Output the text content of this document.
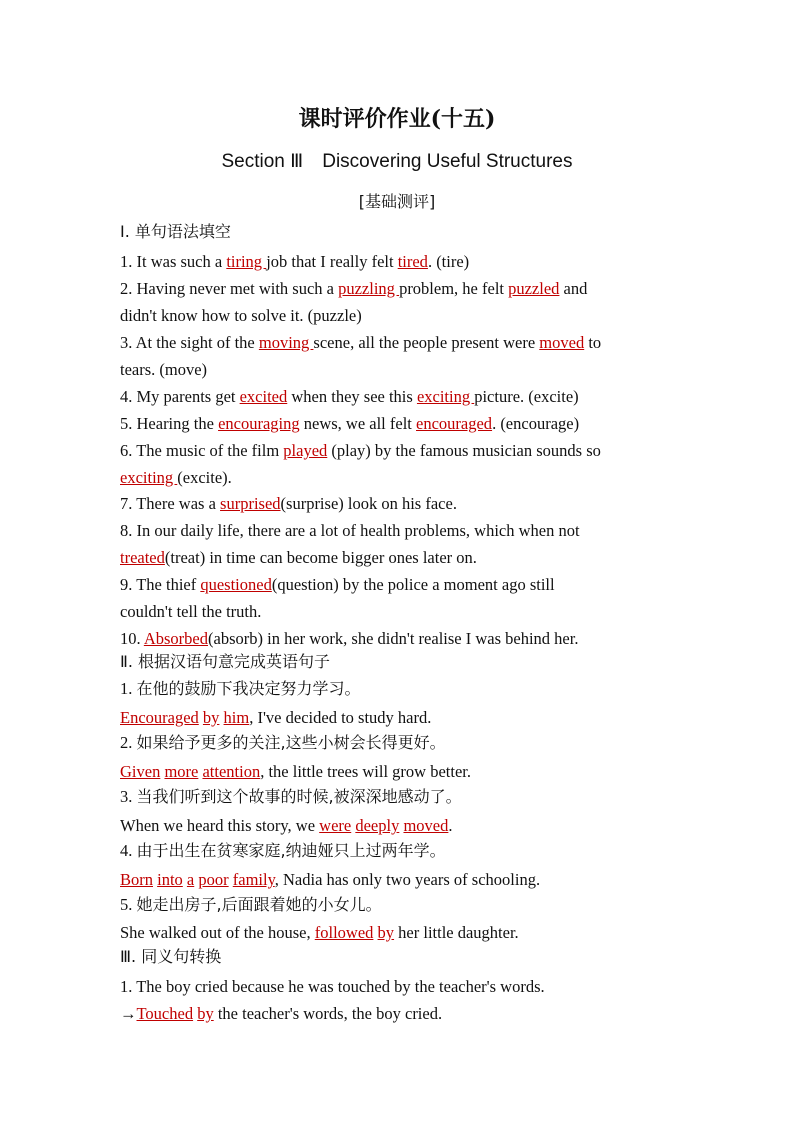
课时评价作业(十五)
Section Ⅲ　Discovering Useful Structures
[基础测评]
Ⅰ. 单句语法填空
1. It was such a tiring job that I really felt tired. (tire)
2. Having never met with such a puzzling problem, he felt puzzled and
didn't know how to solve it. (puzzle)
3. At the sight of the moving scene, all the people present were moved to
tears. (move)
4. My parents get excited when they see this exciting picture. (excite)
5. Hearing the encouraging news, we all felt encouraged. (encourage)
6. The music of the film played (play) by the famous musician sounds so
exciting (excite).
7. There was a surprised(surprise) look on his face.
8. In our daily life, there are a lot of health problems, which when not
treated(treat) in time can become bigger ones later on.
9. The thief questioned(question) by the police a moment ago still
couldn't tell the truth.
10. Absorbed(absorb) in her work, she didn't realise I was behind her.
Ⅱ. 根据汉语句意完成英语句子
1. 在他的鼓励下我决定努力学习。
Encouraged by him, I've decided to study hard.
2. 如果给予更多的关注,这些小树会长得更好。
Given more attention, the little trees will grow better.
3. 当我们听到这个故事的时候,被深深地感动了。
When we heard this story, we were deeply moved.
4. 由于出生在贫寒家庭,纳迪娅只上过两年学。
Born into a poor family, Nadia has only two years of schooling.
5. 她走出房子,后面跟着她的小女儿。
She walked out of the house, followed by her little daughter.
Ⅲ. 同义句转换
1. The boy cried because he was touched by the teacher's words.
→Touched by the teacher's words, the boy cried.
